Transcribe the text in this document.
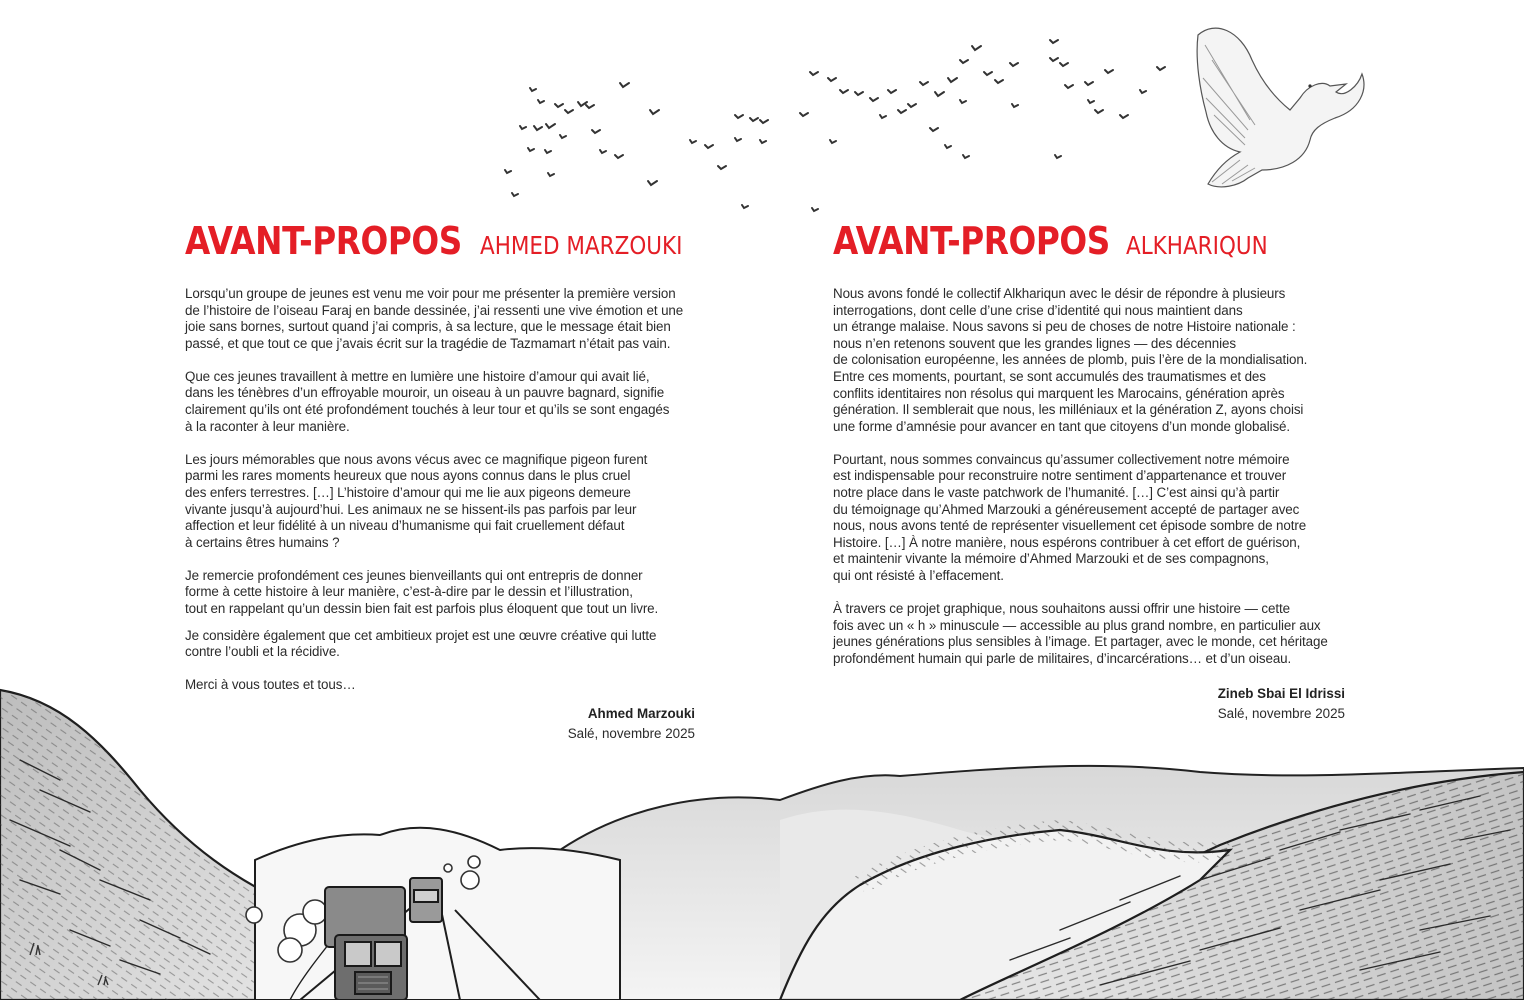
AVANT-PROPOS AHMED MARZOUKI

Lorsqu’un groupe de jeunes est venu me voir pour me présenter la première version
de l’histoire de l’oiseau Faraj en bande dessinée, j’ai ressenti une vive émotion et une
joie sans bornes, surtout quand j’ai compris, à sa lecture, que le message était bien
passé, et que tout ce que j’avais écrit sur la tragédie de Tazmamart n’était pas vain.

Que ces jeunes travaillent à mettre en lumière une histoire d’amour qui avait lié,
dans les ténèbres d’un effroyable mouroir, un oiseau à un pauvre bagnard, signifie
clairement qu’ils ont été profondément touchés à leur tour et qu’ils se sont engagés
à la raconter à leur manière.

Les jours mémorables que nous avons vécus avec ce magnifique pigeon furent
parmi les rares moments heureux que nous ayons connus dans le plus cruel
des enfers terrestres. […] L’histoire d’amour qui me lie aux pigeons demeure
vivante jusqu’à aujourd’hui. Les animaux ne se hissent-ils pas parfois par leur
affection et leur fidélité à un niveau d’humanisme qui fait cruellement défaut
à certains êtres humains ?

Je remercie profondément ces jeunes bienveillants qui ont entrepris de donner
forme à cette histoire à leur manière, c’est-à-dire par le dessin et l’illustration,
tout en rappelant qu’un dessin bien fait est parfois plus éloquent que tout un livre.

Je considère également que cet ambitieux projet est une œuvre créative qui lutte
contre l’oubli et la récidive.

Merci à vous toutes et tous…

Ahmed Marzouki
Salé, novembre 2025
AVANT-PROPOS ALKHARIQUN

Nous avons fondé le collectif Alkhariqun avec le désir de répondre à plusieurs
interrogations, dont celle d’une crise d’identité qui nous maintient dans
un étrange malaise. Nous savons si peu de choses de notre Histoire nationale :
nous n’en retenons souvent que les grandes lignes — des décennies
de colonisation européenne, les années de plomb, puis l’ère de la mondialisation.
Entre ces moments, pourtant, se sont accumulés des traumatismes et des
conflits identitaires non résolus qui marquent les Marocains, génération après
génération. Il semblerait que nous, les milléniaux et la génération Z, ayons choisi
une forme d’amnésie pour avancer en tant que citoyens d’un monde globalisé.

Pourtant, nous sommes convaincus qu’assumer collectivement notre mémoire
est indispensable pour reconstruire notre sentiment d’appartenance et trouver
notre place dans le vaste patchwork de l’humanité. […] C’est ainsi qu’à partir
du témoignage qu’Ahmed Marzouki a généreusement accepté de partager avec
nous, nous avons tenté de représenter visuellement cet épisode sombre de notre
Histoire. […] À notre manière, nous espérons contribuer à cet effort de guérison,
et maintenir vivante la mémoire d’Ahmed Marzouki et de ses compagnons,
qui ont résisté à l’effacement.

À travers ce projet graphique, nous souhaitons aussi offrir une histoire — cette
fois avec un « h » minuscule — accessible au plus grand nombre, en particulier aux
jeunes générations plus sensibles à l’image. Et partager, avec le monde, cet héritage
profondément humain qui parle de militaires, d’incarcérations… et d’un oiseau.

Zineb Sbai El Idrissi
Salé, novembre 2025
